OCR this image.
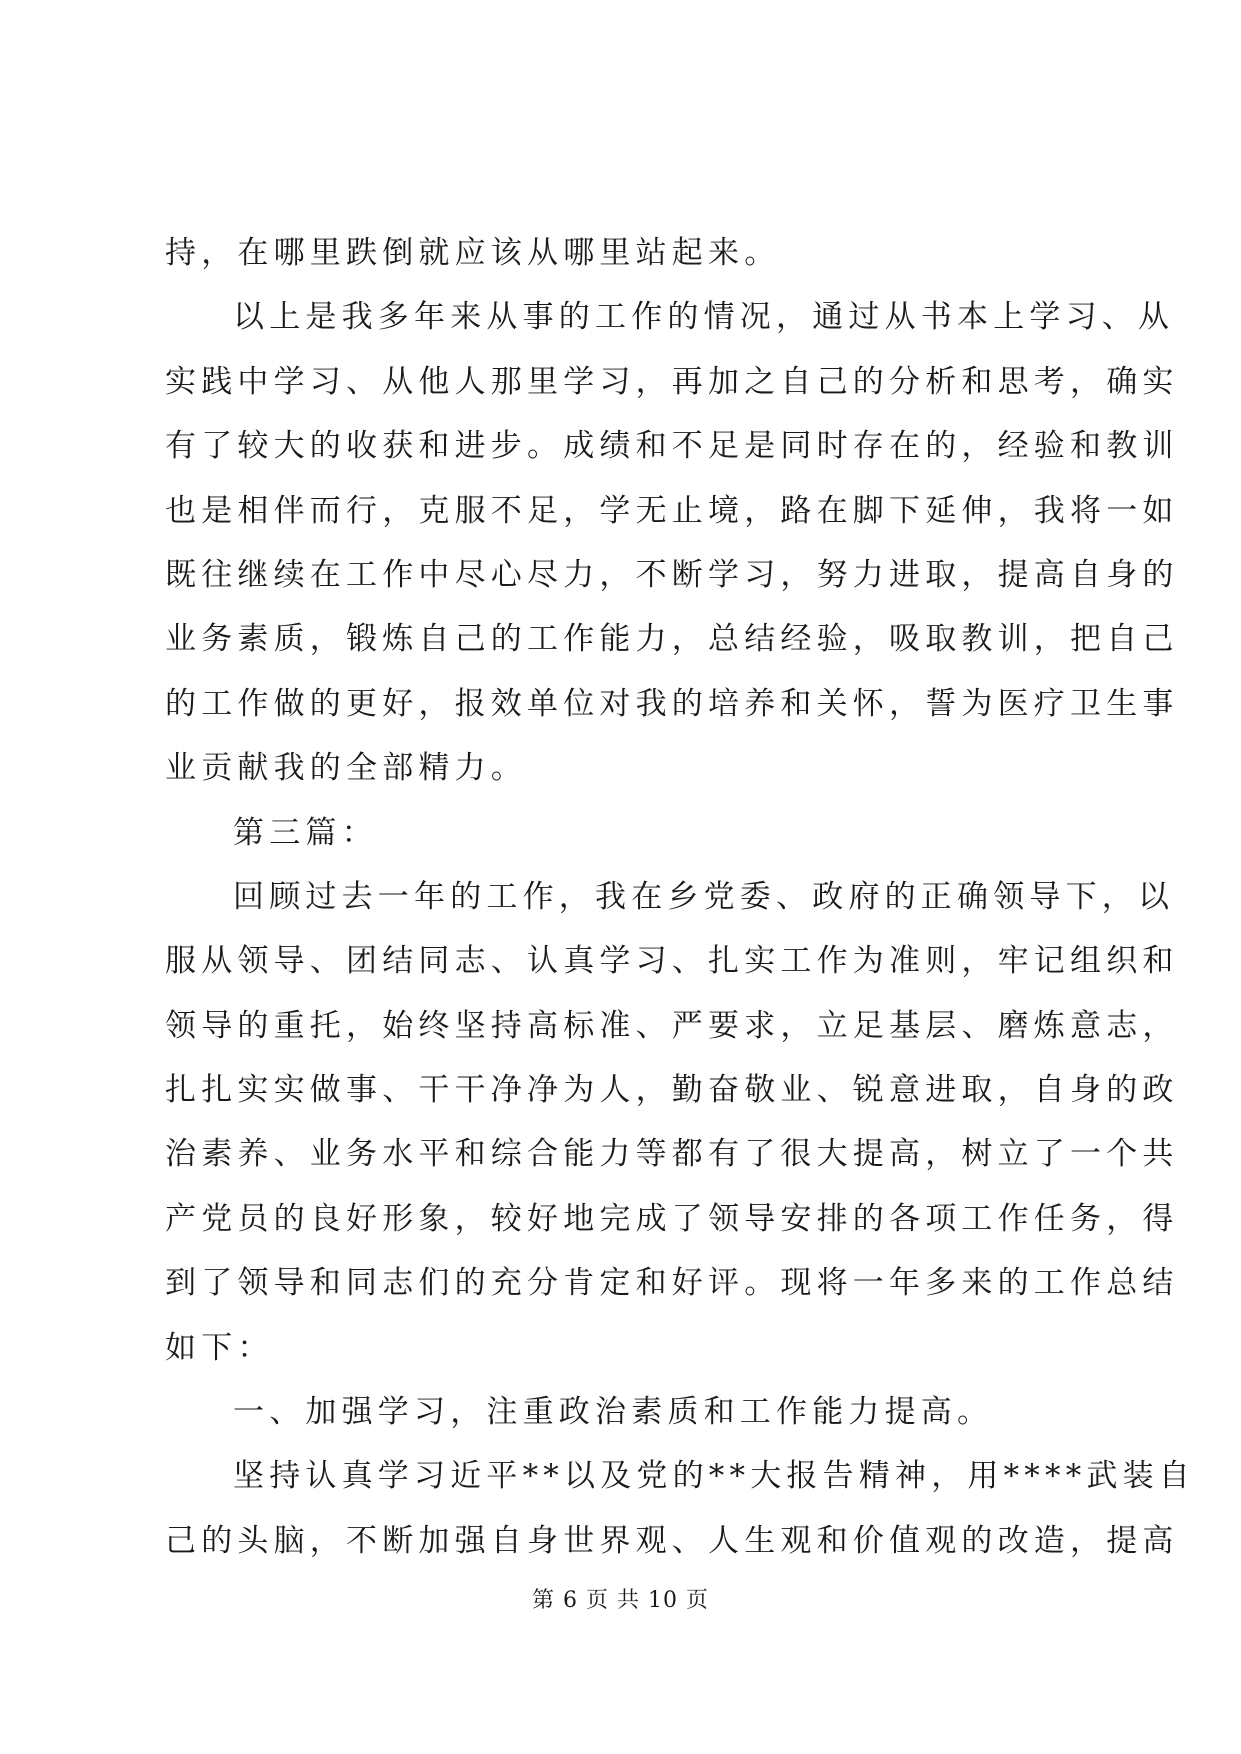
持，在哪里跌倒就应该从哪里站起来。
以上是我多年来从事的工作的情况，通过从书本上学习、从
实践中学习、从他人那里学习，再加之自己的分析和思考，确实
有了较大的收获和进步。成绩和不足是同时存在的，经验和教训
也是相伴而行，克服不足，学无止境，路在脚下延伸，我将一如
既往继续在工作中尽心尽力，不断学习，努力进取，提高自身的
业务素质，锻炼自己的工作能力，总结经验，吸取教训，把自己
的工作做的更好，报效单位对我的培养和关怀，誓为医疗卫生事
业贡献我的全部精力。
第三篇：
回顾过去一年的工作，我在乡党委、政府的正确领导下，以
服从领导、团结同志、认真学习、扎实工作为准则，牢记组织和
领导的重托，始终坚持高标准、严要求，立足基层、磨炼意志，
扎扎实实做事、干干净净为人，勤奋敬业、锐意进取，自身的政
治素养、业务水平和综合能力等都有了很大提高，树立了一个共
产党员的良好形象，较好地完成了领导安排的各项工作任务，得
到了领导和同志们的充分肯定和好评。现将一年多来的工作总结
如下：
一、加强学习，注重政治素质和工作能力提高。
坚持认真学习近平**以及党的**大报告精神，用****武装自
己的头脑，不断加强自身世界观、人生观和价值观的改造，提高
第 6 页 共 10 页
